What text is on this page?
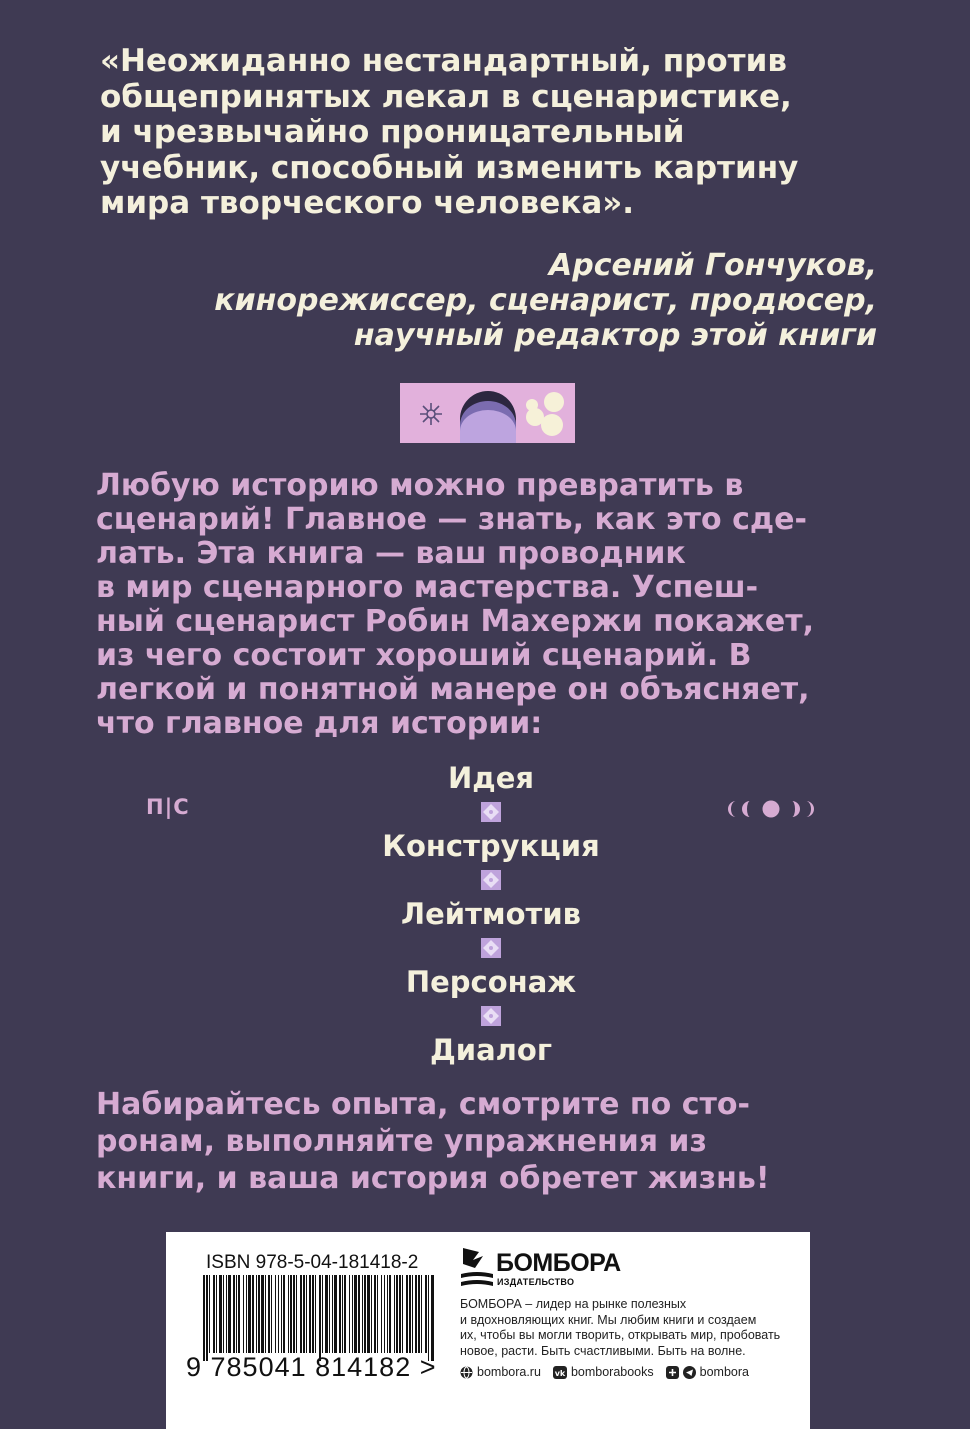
«Неожиданно нестандартный, против
общепринятых лекал в сценаристике,
и чрезвычайно проницательный
учебник, способный изменить картину
мира творческого человека».
Арсений Гончуков,
кинорежиссер, сценарист, продюсер,
научный редактор этой книги
Любую историю можно превратить в
сценарий! Главное — знать, как это сде-
лать. Эта книга — ваш проводник
в мир сценарного мастерства. Успеш-
ный сценарист Робин Махержи покажет,
из чего состоит хороший сценарий. В
легкой и понятной манере он объясняет,
что главное для истории:
П|С
Идея
Конструкция
Лейтмотив
Персонаж
Диалог
Набирайтесь опыта, смотрите по сто-
ронам, выполняйте упражнения из
книги, и ваша история обретет жизнь!
ISBN 978-5-04-181418-2
9 785041 814182 >
БОМБОРА
ИЗДАТЕЛЬСТВО
БОМБОРА – лидер на рынке полезных
и вдохновляющих книг. Мы любим книги и создаем
их, чтобы вы могли творить, открывать мир, пробовать
новое, расти. Быть счастливыми. Быть на волне.
bombora.ru vk bomborabooks	bombora
